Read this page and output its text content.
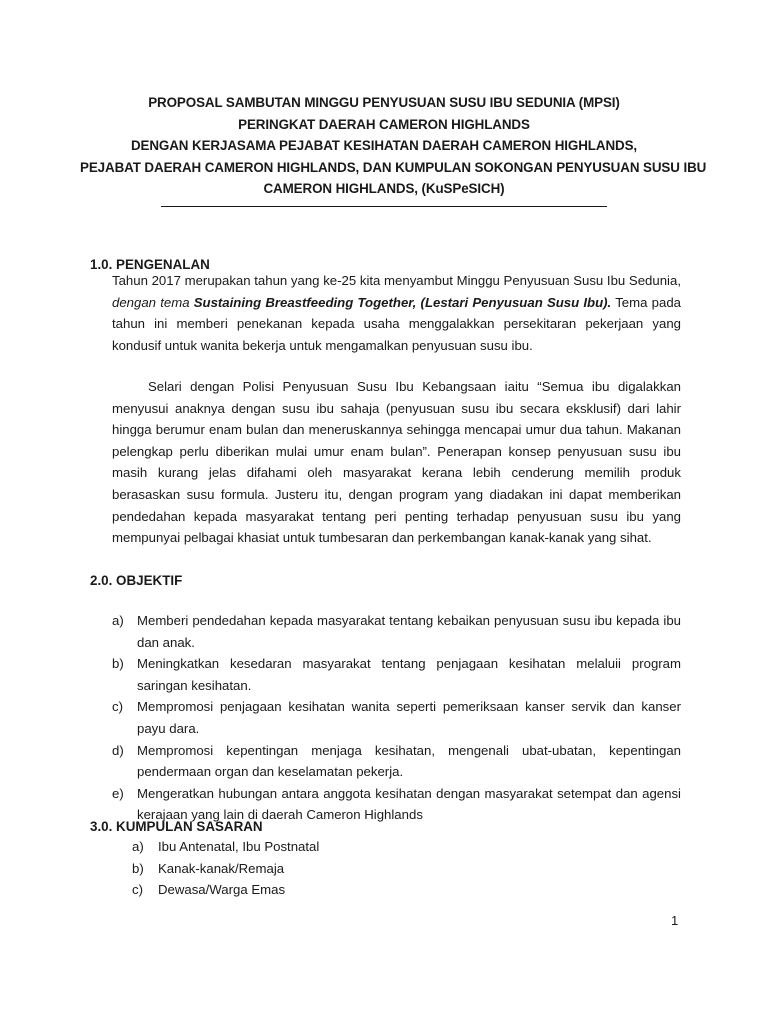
PROPOSAL SAMBUTAN MINGGU PENYUSUAN SUSU IBU SEDUNIA (MPSI)
PERINGKAT DAERAH CAMERON HIGHLANDS
DENGAN KERJASAMA PEJABAT KESIHATAN DAERAH CAMERON HIGHLANDS,
PEJABAT DAERAH CAMERON HIGHLANDS, DAN KUMPULAN SOKONGAN PENYUSUAN SUSU IBU
CAMERON HIGHLANDS, (KuSPeSICH)
1.0. PENGENALAN
Tahun 2017 merupakan tahun yang ke-25 kita menyambut Minggu Penyusuan Susu Ibu Sedunia, dengan tema Sustaining Breastfeeding Together, (Lestari Penyusuan Susu Ibu). Tema pada tahun ini memberi penekanan kepada usaha menggalakkan persekitaran pekerjaan yang kondusif untuk wanita bekerja untuk mengamalkan penyusuan susu ibu.
Selari dengan Polisi Penyusuan Susu Ibu Kebangsaan iaitu “Semua ibu digalakkan menyusui anaknya dengan susu ibu sahaja (penyusuan susu ibu secara eksklusif) dari lahir hingga berumur enam bulan dan meneruskannya sehingga mencapai umur dua tahun. Makanan pelengkap perlu diberikan mulai umur enam bulan”. Penerapan konsep penyusuan susu ibu masih kurang jelas difahami oleh masyarakat kerana lebih cenderung memilih produk berasaskan susu formula. Justeru itu, dengan program yang diadakan ini dapat memberikan pendedahan kepada masyarakat tentang peri penting terhadap penyusuan susu ibu yang mempunyai pelbagai khasiat untuk tumbesaran dan perkembangan kanak-kanak yang sihat.
2.0. OBJEKTIF
a) Memberi pendedahan kepada masyarakat tentang kebaikan penyusuan susu ibu kepada ibu dan anak.
b) Meningkatkan kesedaran masyarakat tentang penjagaan kesihatan melaluii program saringan kesihatan.
c) Mempromosi penjagaan kesihatan wanita seperti pemeriksaan kanser servik dan kanser payu dara.
d) Mempromosi kepentingan menjaga kesihatan, mengenali ubat-ubatan, kepentingan pendermaan organ dan keselamatan pekerja.
e) Mengeratkan hubungan antara anggota kesihatan dengan masyarakat setempat dan agensi kerajaan yang lain di daerah Cameron Highlands
3.0. KUMPULAN SASARAN
a) Ibu Antenatal, Ibu Postnatal
b) Kanak-kanak/Remaja
c) Dewasa/Warga Emas
1
